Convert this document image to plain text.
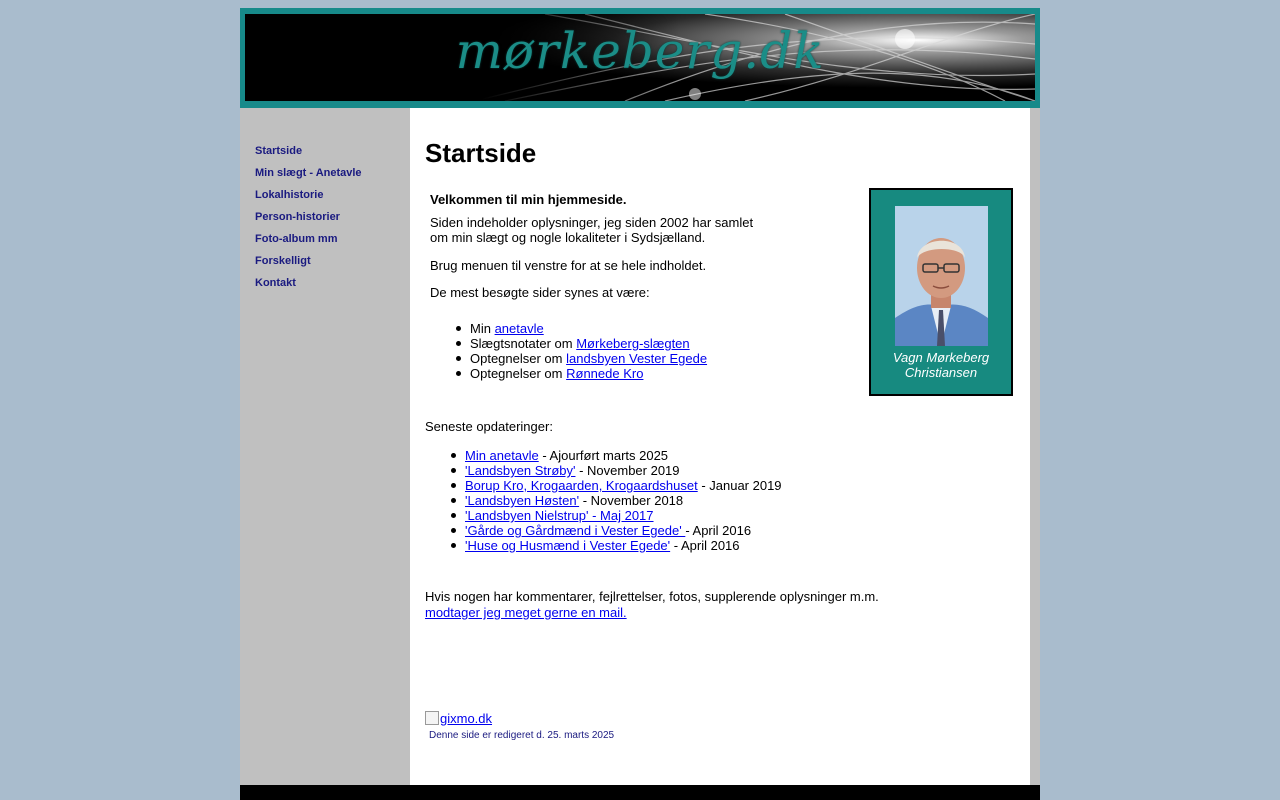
mørkeberg.dk
Startside
Min slægt - Anetavle
Lokalhistorie
Person-historier
Foto-album mm
Forskelligt
Kontakt
Startside

Velkommen til min hjemmeside.

Siden indeholder oplysninger, jeg siden 2002 har samlet

om min slægt og nogle lokaliteter i Sydsjælland.

Brug menuen til venstre for at se hele indholdet.

De mest besøgte sider synes at være:

Min anetavle
Slægtsnotater om Mørkeberg-slægten
Optegnelser om landsbyen Vester Egede
Optegnelser om Rønnede Kro
Vagn Mørkeberg
Christiansen

Seneste opdateringer:

Min anetavle - Ajourført marts 2025
'Landsbyen Strøby' - November 2019
Borup Kro, Krogaarden, Krogaardshuset - Januar 2019
'Landsbyen Høsten' - November 2018
'Landsbyen Nielstrup' - Maj 2017
'Gårde og Gårdmænd i Vester Egede' - April 2016
'Huse og Husmænd i Vester Egede' - April 2016

Hvis nogen har kommentarer, fejlrettelser, fotos, supplerende oplysninger m.m.

modtager jeg meget gerne en mail.
gixmo.dk
Denne side er redigeret d. 25. marts 2025
